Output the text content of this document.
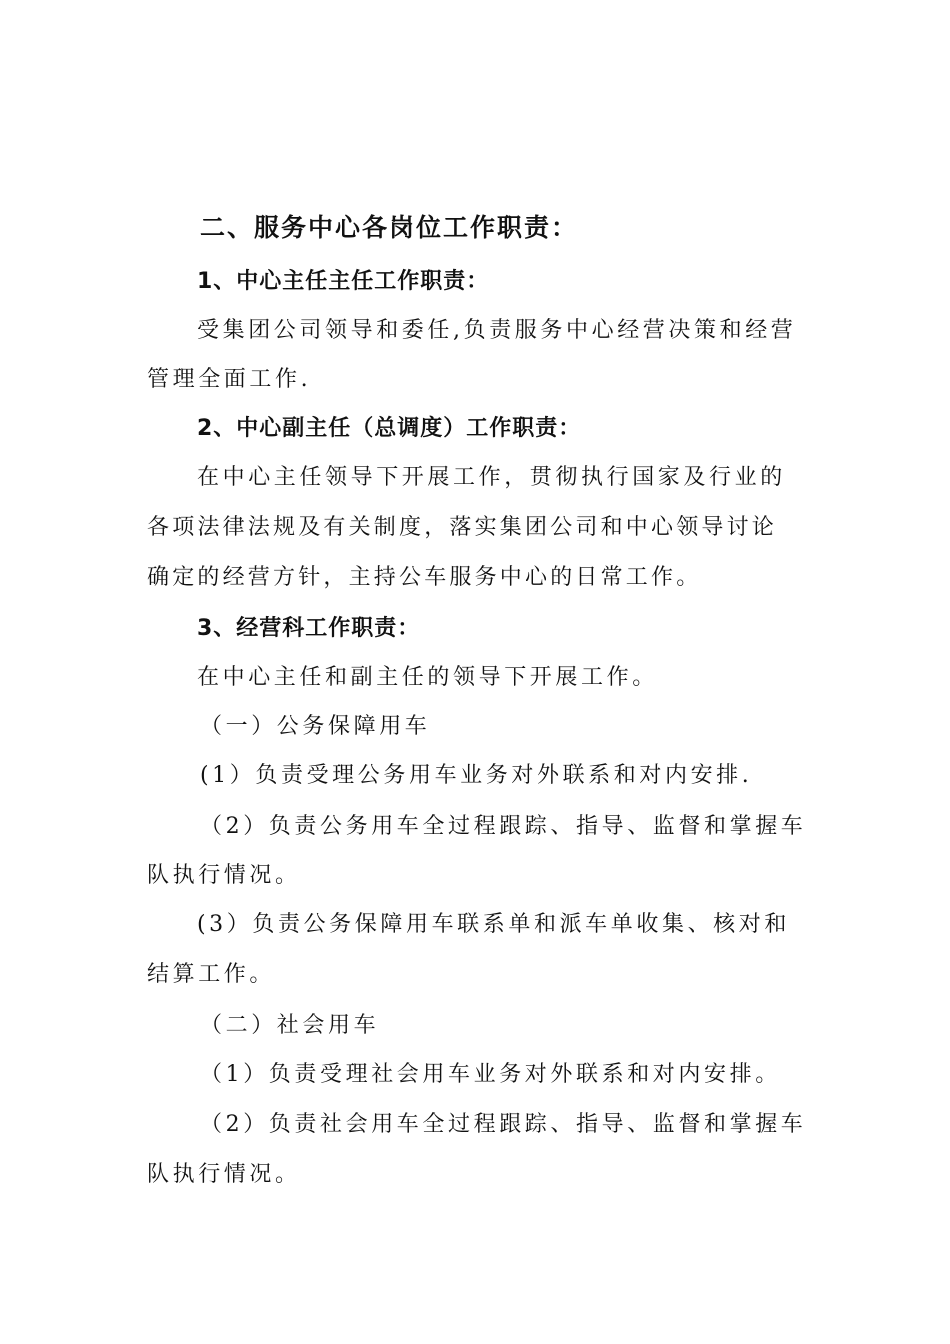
二、服务中心各岗位工作职责：
1、中心主任主任工作职责：
受集团公司领导和委任,负责服务中心经营决策和经营
管理全面工作.
2、中心副主任（总调度）工作职责：
在中心主任领导下开展工作，贯彻执行国家及行业的
各项法律法规及有关制度，落实集团公司和中心领导讨论
确定的经营方针，主持公车服务中心的日常工作。
3、经营科工作职责：
在中心主任和副主任的领导下开展工作。
（一）公务保障用车
(1）负责受理公务用车业务对外联系和对内安排.
（2）负责公务用车全过程跟踪、指导、监督和掌握车
队执行情况。
(3）负责公务保障用车联系单和派车单收集、核对和
结算工作。
（二）社会用车
（1）负责受理社会用车业务对外联系和对内安排。
（2）负责社会用车全过程跟踪、指导、监督和掌握车
队执行情况。
